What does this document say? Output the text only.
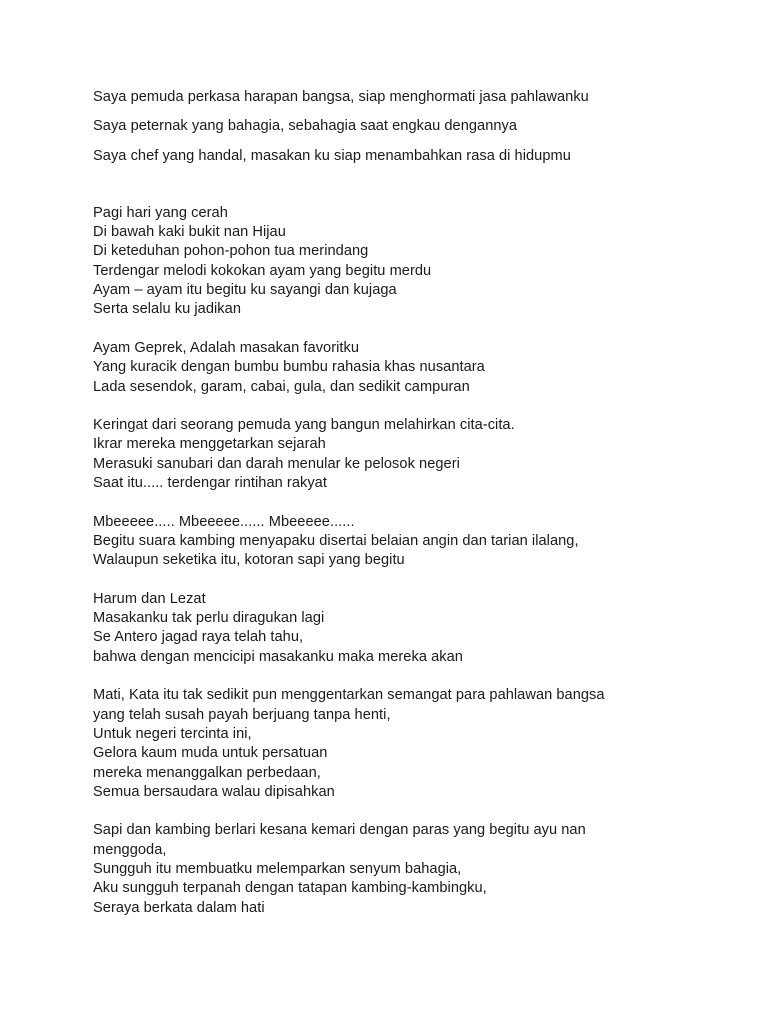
Saya pemuda perkasa harapan bangsa, siap menghormati jasa pahlawanku
Saya peternak yang bahagia, sebahagia saat engkau dengannya
Saya chef yang handal, masakan ku siap menambahkan rasa di hidupmu
Pagi hari yang cerah
Di bawah kaki bukit nan Hijau
Di keteduhan pohon-pohon tua merindang
Terdengar melodi kokokan ayam yang begitu merdu
Ayam – ayam itu begitu ku sayangi dan kujaga
Serta selalu ku jadikan
Ayam Geprek, Adalah masakan favoritku
Yang kuracik dengan bumbu bumbu rahasia khas nusantara
Lada sesendok, garam, cabai, gula, dan sedikit campuran
Keringat dari seorang pemuda yang bangun melahirkan cita-cita.
Ikrar mereka menggetarkan sejarah
Merasuki sanubari dan darah menular ke pelosok negeri
Saat itu..... terdengar rintihan rakyat
Mbeeeee..... Mbeeeee...... Mbeeeee......
Begitu suara kambing menyapaku disertai belaian angin dan tarian ilalang,
Walaupun seketika itu, kotoran sapi yang begitu
Harum dan Lezat
Masakanku tak perlu diragukan lagi
Se Antero jagad raya telah tahu,
bahwa dengan mencicipi masakanku maka mereka akan
Mati, Kata itu tak sedikit pun menggentarkan semangat para pahlawan bangsa
yang telah susah payah berjuang tanpa henti,
Untuk negeri tercinta ini,
Gelora kaum muda untuk persatuan
mereka menanggalkan perbedaan,
Semua bersaudara walau dipisahkan
Sapi dan kambing berlari kesana kemari dengan paras yang begitu ayu nan
menggoda,
Sungguh itu membuatku melemparkan senyum bahagia,
Aku sungguh terpanah dengan tatapan kambing-kambingku,
Seraya berkata dalam hati
